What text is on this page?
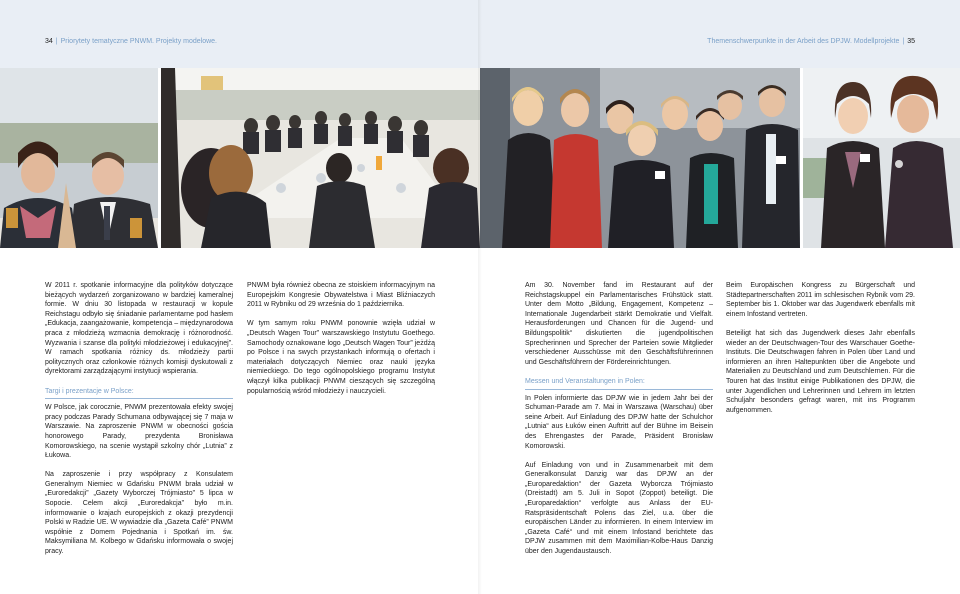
34 | Priorytety tematyczne PNWM. Projekty modelowe.

W 2011 r. spotkanie informacyjne dla polityków dotyczące bieżących wydarzeń zorganizowano w bardziej kameralnej formie. W dniu 30 listopada w restauracji w kopule Reichstagu odbyło się śniadanie parlamentarne pod hasłem „Edukacja, zaangażowanie, kompetencja – międzynarodowa praca z młodzieżą wzmacnia demokrację i różnorodność. Wyzwania i szanse dla polityki młodzieżowej i edukacyjnej”. W ramach spotkania różnicy ds. młodzieży partii politycznych oraz członkowie różnych komisji dyskutowali z dyrektorami zarządzającymi instytucji wspierania.

Targi i prezentacje w Polsce:

W Polsce, jak corocznie, PNWM prezentowała efekty swojej pracy podczas Parady Schumana odbywającej się 7 maja w Warszawie. Na zaproszenie PNWM w obecności gościa honorowego Parady, prezydenta Bronisława Komorowskiego, na scenie wystąpił szkolny chór „Lutnia” z Łukowa.

Na zaproszenie i przy współpracy z Konsulatem Generalnym Niemiec w Gdańsku PNWM brała udział w „Euroredakcji” „Gazety Wyborczej Trójmiasto” 5 lipca w Sopocie. Celem akcji „Euroredakcja” było m.in. informowanie o krajach europejskich z okazji prezydencji Polski w Radzie UE. W wywiadzie dla „Gazeta Café” PNWM współnie z Domem Pojednania i Spotkań im. św. Maksymiliana M. Kolbego w Gdańsku informowała o swojej pracy.

PNWM była również obecna ze stoiskiem informacyjnym na Europejskim Kongresie Obywatelstwa i Miast Bliźniaczych 2011 w Rybniku od 29 września do 1 października.

W tym samym roku PNWM ponownie wzięła udział w „Deutsch Wagen Tour” warszawskiego Instytutu Goethego. Samochody oznakowane logo „Deutsch Wagen Tour” jeżdżą po Polsce i na swych przystankach informują o ofertach i materiałach dotyczących Niemiec oraz nauki języka niemieckiego. Do tego ogólnopolskiego programu Instytut włączył kilka publikacji PNWM cieszących się szczególną popularnością wśród młodzieży i nauczycieli.

Themenschwerpunkte in der Arbeit des DPJW. Modellprojekte | 35

Am 30. November fand im Restaurant auf der Reichstagskuppel ein Parlamentarisches Frühstück statt. Unter dem Motto „Bildung, Engagement, Kompetenz – Internationale Jugendarbeit stärkt Demokratie und Vielfalt. Herausforderungen und Chancen für die Jugend- und Bildungspolitik“ diskutierten die jugendpolitischen Sprecherinnen und Sprecher der Parteien sowie Mitglieder verschiedener Ausschüsse mit den Geschäftsführerinnen und Geschäftsführern der Fördereinrichtungen.

Messen und Veranstaltungen in Polen:

In Polen informierte das DPJW wie in jedem Jahr bei der Schuman-Parade am 7. Mai in Warszawa (Warschau) über seine Arbeit. Auf Einladung des DPJW hatte der Schulchor „Lutnia“ aus Łuków einen Auftritt auf der Bühne im Beisein des Ehrengastes der Parade, Präsident Bronisław Komorowski.

Auf Einladung von und in Zusammenarbeit mit dem Generalkonsulat Danzig war das DPJW an der „Europaredaktion“ der Gazeta Wyborcza Trójmiasto (Dreistadt) am 5. Juli in Sopot (Zoppot) beteiligt. Die „Europaredaktion“ verfolgte aus Anlass der EU-Ratspräsidentschaft Polens das Ziel, u.a. über die europäischen Länder zu informieren. In einem Interview im „Gazeta Café“ und mit einem Infostand berichtete das DPJW zusammen mit dem Maximilian-Kolbe-Haus Danzig über den Jugendaustausch.

Beim Europäischen Kongress zu Bürgerschaft und Städtepartnerschaften 2011 im schlesischen Rybnik vom 29. September bis 1. Oktober war das Jugendwerk ebenfalls mit einem Infostand vertreten.

Beteiligt hat sich das Jugendwerk dieses Jahr ebenfalls wieder an der Deutschwagen-Tour des Warschauer Goethe-Instituts. Die Deutschwagen fahren in Polen über Land und informieren an ihren Haltepunkten über die Angebote und Materialien zu Deutschland und zum Deutschlernen. Für die Touren hat das Institut einige Publikationen des DPJW, die unter Jugendlichen und Lehrerinnen und Lehrern im letzten Schuljahr besonders gefragt waren, mit ins Programm aufgenommen.
